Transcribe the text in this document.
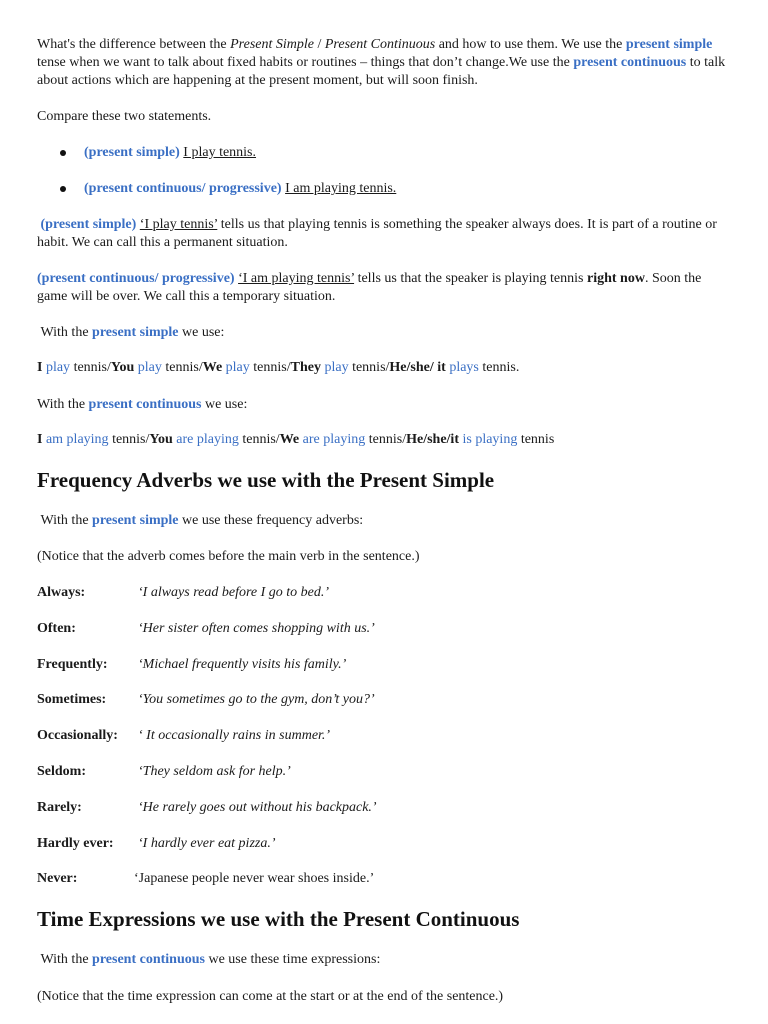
What's the difference between the Present Simple / Present Continuous and how to use them. We use the present simple tense when we want to talk about fixed habits or routines – things that don’t change.We use the present continuous to talk about actions which are happening at the present moment, but will soon finish.
Compare these two statements.
(present simple) I play tennis.
(present continuous/ progressive) I am playing tennis.
(present simple) ‘I play tennis’ tells us that playing tennis is something the speaker always does. It is part of a routine or habit. We can call this a permanent situation.
(present continuous/ progressive) ‘I am playing tennis’ tells us that the speaker is playing tennis right now. Soon the game will be over. We call this a temporary situation.
With the present simple we use:
I play tennis/You play tennis/We play tennis/They play tennis/He/she/ it plays tennis.
With the present continuous we use:
I am playing tennis/You are playing tennis/We are playing tennis/He/she/it is playing tennis
Frequency Adverbs we use with the Present Simple
With the present simple we use these frequency adverbs:
(Notice that the adverb comes before the main verb in the sentence.)
Always:	‘I always read before I go to bed.’
Often:	‘Her sister often comes shopping with us.’
Frequently: ‘Michael frequently visits his family.’
Sometimes: ‘You sometimes go to the gym, don’t you?’
Occasionally: ‘ It occasionally rains in summer.’
Seldom:	‘They seldom ask for help.’
Rarely:	‘He rarely goes out without his backpack.’
Hardly ever: ‘I hardly ever eat pizza.’
Never:	‘Japanese people never wear shoes inside.’
Time Expressions we use with the Present Continuous
With the present continuous we use these time expressions:
(Notice that the time expression can come at the start or at the end of the sentence.)
